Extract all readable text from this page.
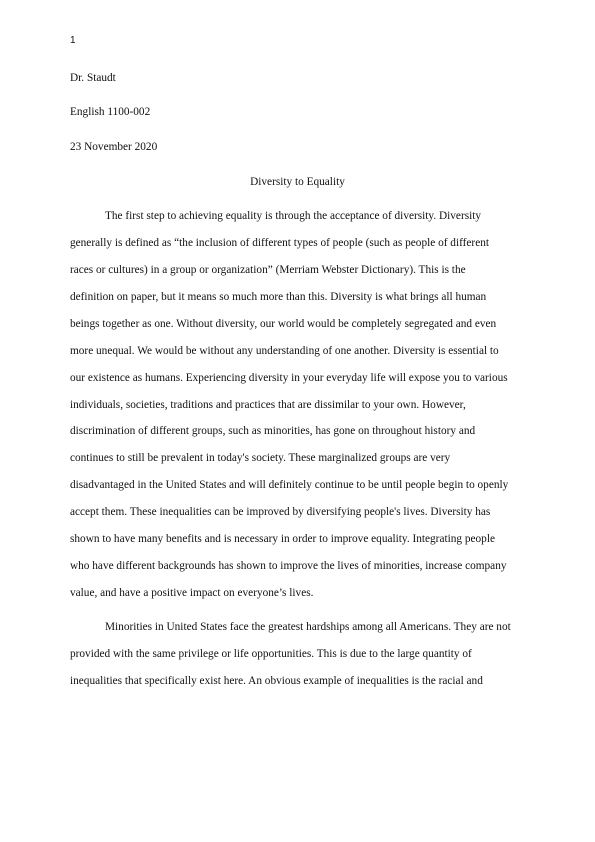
1
Dr. Staudt
English 1100-002
23 November 2020
Diversity to Equality
The first step to achieving equality is through the acceptance of diversity. Diversity
generally is defined as “the inclusion of different types of people (such as people of different
races or cultures) in a group or organization” (Merriam Webster Dictionary). This is the
definition on paper, but it means so much more than this. Diversity is what brings all human
beings together as one. Without diversity, our world would be completely segregated and even
more unequal. We would be without any understanding of one another. Diversity is essential to
our existence as humans. Experiencing diversity in your everyday life will expose you to various
individuals, societies, traditions and practices that are dissimilar to your own. However,
discrimination of different groups, such as minorities, has gone on throughout history and
continues to still be prevalent in today's society. These marginalized groups are very
disadvantaged in the United States and will definitely continue to be until people begin to openly
accept them. These inequalities can be improved by diversifying people's lives. Diversity has
shown to have many benefits and is necessary in order to improve equality. Integrating people
who have different backgrounds has shown to improve the lives of minorities, increase company
value, and have a positive impact on everyone’s lives.
Minorities in United States face the greatest hardships among all Americans. They are not
provided with the same privilege or life opportunities. This is due to the large quantity of
inequalities that specifically exist here. An obvious example of inequalities is the racial and
